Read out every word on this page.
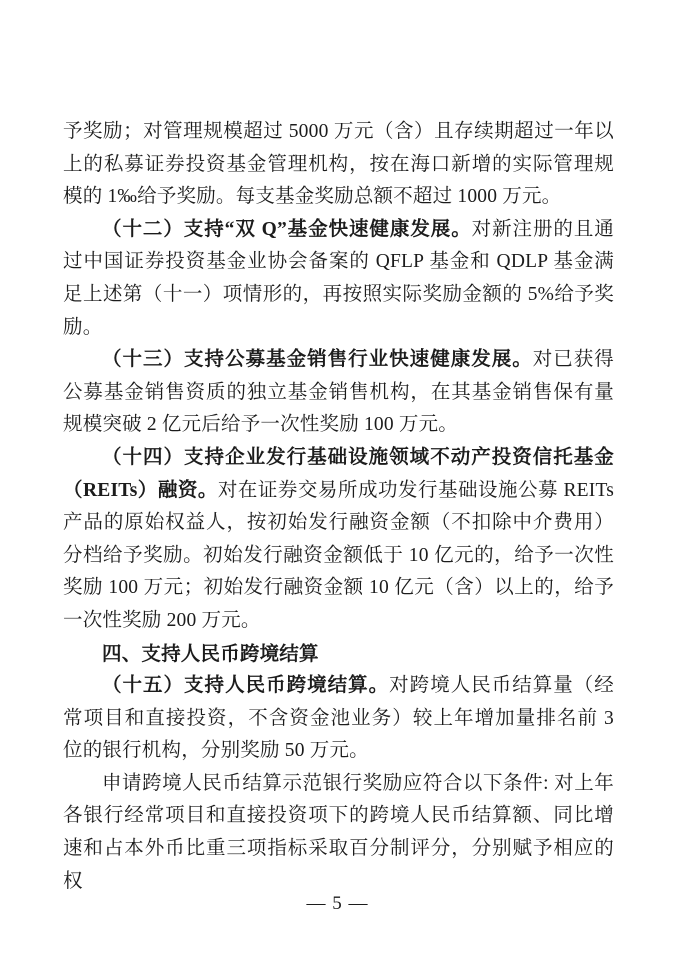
予奖励；对管理规模超过 5000 万元（含）且存续期超过一年以上的私募证券投资基金管理机构，按在海口新增的实际管理规模的 1‰给予奖励。每支基金奖励总额不超过 1000 万元。

（十二）支持“双 Q”基金快速健康发展。对新注册的且通过中国证券投资基金业协会备案的 QFLP 基金和 QDLP 基金满足上述第（十一）项情形的，再按照实际奖励金额的 5%给予奖励。

（十三）支持公募基金销售行业快速健康发展。对已获得公募基金销售资质的独立基金销售机构，在其基金销售保有量规模突破 2 亿元后给予一次性奖励 100 万元。

（十四）支持企业发行基础设施领域不动产投资信托基金（REITs）融资。对在证券交易所成功发行基础设施公募 REITs 产品的原始权益人，按初始发行融资金额（不扣除中介费用）分档给予奖励。初始发行融资金额低于 10 亿元的，给予一次性奖励 100 万元；初始发行融资金额 10 亿元（含）以上的，给予一次性奖励 200 万元。

四、支持人民币跨境结算

（十五）支持人民币跨境结算。对跨境人民币结算量（经常项目和直接投资，不含资金池业务）较上年增加量排名前 3 位的银行机构，分别奖励 50 万元。

申请跨境人民币结算示范银行奖励应符合以下条件: 对上年各银行经常项目和直接投资项下的跨境人民币结算额、同比增速和占本外币比重三项指标采取百分制评分，分别赋予相应的权

— 5 —
